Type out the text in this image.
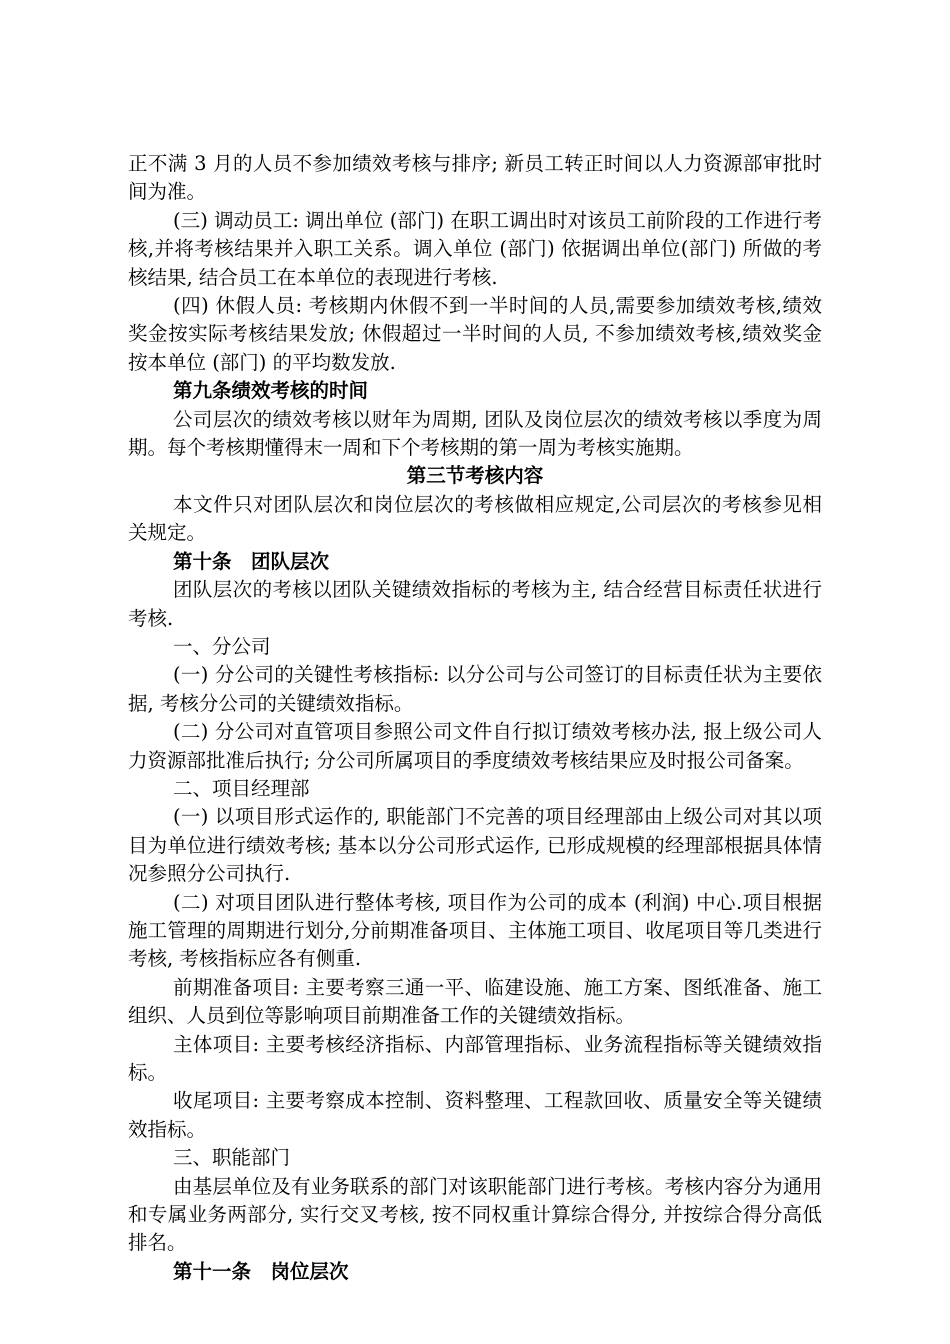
正不满 3 月的人员不参加绩效考核与排序; 新员工转正时间以人力资源部审批时间为准。

(三) 调动员工: 调出单位 (部门) 在职工调出时对该员工前阶段的工作进行考核,并将考核结果并入职工关系。调入单位 (部门) 依据调出单位(部门) 所做的考核结果, 结合员工在本单位的表现进行考核.

(四) 休假人员: 考核期内休假不到一半时间的人员,需要参加绩效考核,绩效奖金按实际考核结果发放; 休假超过一半时间的人员, 不参加绩效考核,绩效奖金按本单位 (部门) 的平均数发放.

第九条绩效考核的时间

公司层次的绩效考核以财年为周期, 团队及岗位层次的绩效考核以季度为周期。每个考核期懂得末一周和下个考核期的第一周为考核实施期。

第三节考核内容

本文件只对团队层次和岗位层次的考核做相应规定,公司层次的考核参见相关规定。

第十条　团队层次

团队层次的考核以团队关键绩效指标的考核为主, 结合经营目标责任状进行考核.

一、分公司

(一) 分公司的关键性考核指标: 以分公司与公司签订的目标责任状为主要依据, 考核分公司的关键绩效指标。

(二) 分公司对直管项目参照公司文件自行拟订绩效考核办法, 报上级公司人力资源部批准后执行; 分公司所属项目的季度绩效考核结果应及时报公司备案。

二、项目经理部

(一) 以项目形式运作的, 职能部门不完善的项目经理部由上级公司对其以项目为单位进行绩效考核; 基本以分公司形式运作, 已形成规模的经理部根据具体情况参照分公司执行.

(二) 对项目团队进行整体考核, 项目作为公司的成本 (利润) 中心.项目根据施工管理的周期进行划分,分前期准备项目、主体施工项目、收尾项目等几类进行考核, 考核指标应各有侧重.

前期准备项目: 主要考察三通一平、临建设施、施工方案、图纸准备、施工组织、人员到位等影响项目前期准备工作的关键绩效指标。

主体项目: 主要考核经济指标、内部管理指标、业务流程指标等关键绩效指标。

收尾项目: 主要考察成本控制、资料整理、工程款回收、质量安全等关键绩效指标。

三、职能部门

由基层单位及有业务联系的部门对该职能部门进行考核。考核内容分为通用和专属业务两部分, 实行交叉考核, 按不同权重计算综合得分, 并按综合得分高低排名。

第十一条　岗位层次
